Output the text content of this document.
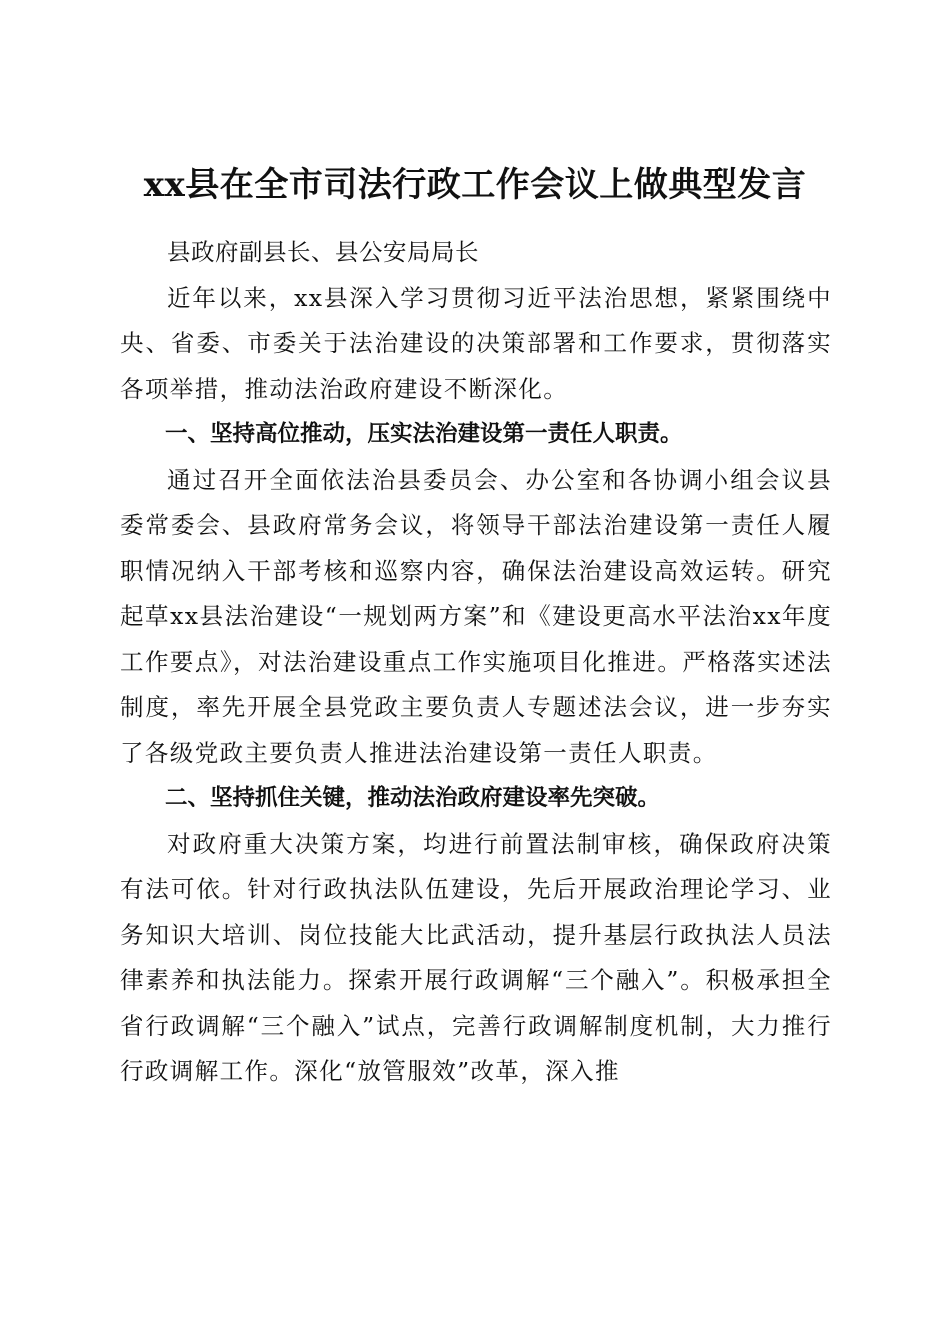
xx县在全市司法行政工作会议上做典型发言

县政府副县长、县公安局局长

近年以来，xx县深入学习贯彻习近平法治思想，紧紧围绕中央、省委、市委关于法治建设的决策部署和工作要求，贯彻落实各项举措，推动法治政府建设不断深化。

一、坚持高位推动，压实法治建设第一责任人职责。

通过召开全面依法治县委员会、办公室和各协调小组会议县委常委会、县政府常务会议，将领导干部法治建设第一责任人履职情况纳入干部考核和巡察内容，确保法治建设高效运转。研究起草xx县法治建设“一规划两方案”和《建设更高水平法治xx年度工作要点》，对法治建设重点工作实施项目化推进。严格落实述法制度，率先开展全县党政主要负责人专题述法会议，进一步夯实了各级党政主要负责人推进法治建设第一责任人职责。

二、坚持抓住关键，推动法治政府建设率先突破。

对政府重大决策方案，均进行前置法制审核，确保政府决策有法可依。针对行政执法队伍建设，先后开展政治理论学习、业务知识大培训、岗位技能大比武活动，提升基层行政执法人员法律素养和执法能力。探索开展行政调解“三个融入”。积极承担全省行政调解“三个融入”试点，完善行政调解制度机制，大力推行行政调解工作。深化“放管服效”改革，深入推
